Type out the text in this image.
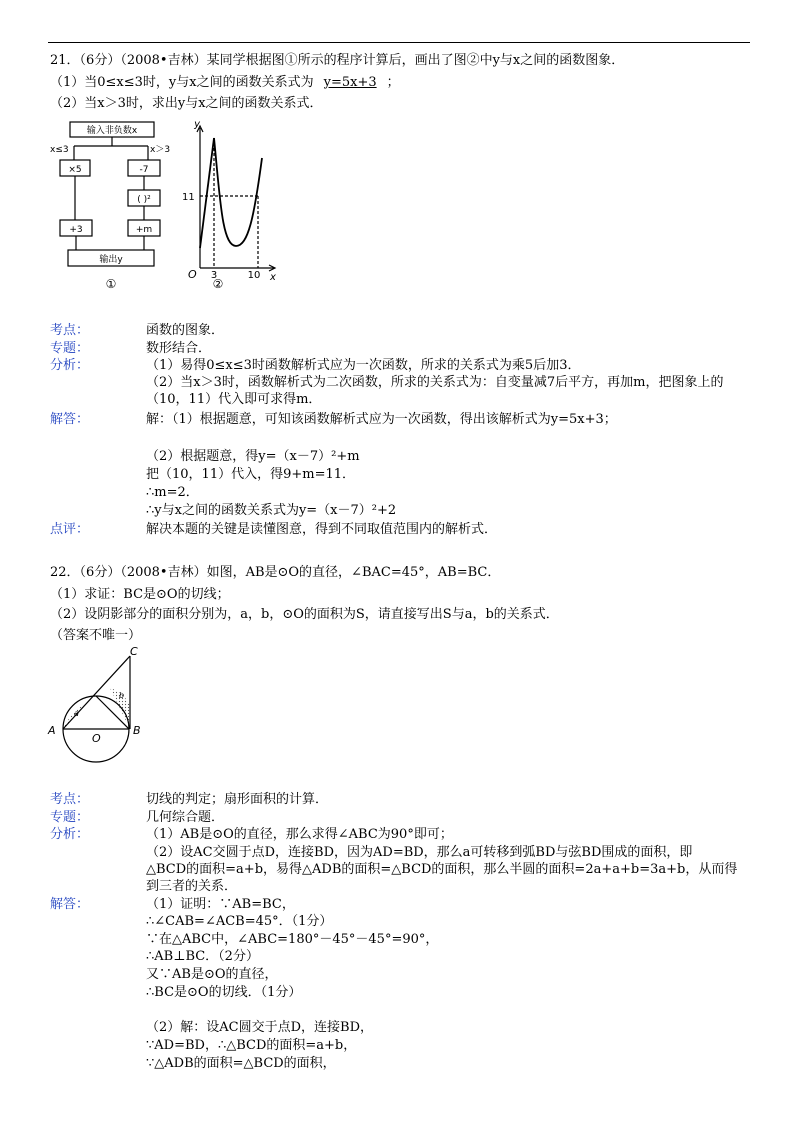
21．（6分）（2008•吉林）某同学根据图①所示的程序计算后，画出了图②中y与x之间的函数图象．
（1）当0≤x≤3时，y与x之间的函数关系式为 y=5x+3 ；
（2）当x＞3时，求出y与x之间的函数关系式．
输入非负数x
x≤3	x＞3
×5	-7
( )²
+3	+m
输出y
①
y
x
O
11
3	10
②
考点：	函数的图象．
专题：	数形结合．
分析：	（1）易得0≤x≤3时函数解析式应为一次函数，所求的关系式为乘5后加3．
（2）当x＞3时，函数解析式为二次函数，所求的关系式为：自变量减7后平方，再加m，把图象上的
（10，11）代入即可求得m．
解答：	解：（1）根据题意，可知该函数解析式应为一次函数，得出该解析式为y=5x+3；
（2）根据题意，得y=（x－7）²+m
把（10，11）代入，得9+m=11．
∴m=2．
∴y与x之间的函数关系式为y=（x－7）²+2
点评：	解决本题的关键是读懂图意，得到不同取值范围内的解析式．
22．（6分）（2008•吉林）如图，AB是⊙O的直径，∠BAC=45°，AB=BC．
（1）求证：BC是⊙O的切线；
（2）设阴影部分的面积分别为，a，b，⊙O的面积为S，请直接写出S与a，b的关系式．
（答案不唯一）
C
A	B
O
a
b
考点：	切线的判定；扇形面积的计算．
专题：	几何综合题．
分析：	（1）AB是⊙O的直径，那么求得∠ABC为90°即可；
（2）设AC交圆于点D，连接BD，因为AD=BD，那么a可转移到弧BD与弦BD围成的面积，即
△BCD的面积=a+b，易得△ADB的面积=△BCD的面积，那么半圆的面积=2a+a+b=3a+b，从而得
到三者的关系．
解答：	（1）证明：∵AB=BC，
∴∠CAB=∠ACB=45°．（1分）
∵在△ABC中，∠ABC=180°－45°－45°=90°，
∴AB⊥BC．（2分）
又∵AB是⊙O的直径，
∴BC是⊙O的切线．（1分）
（2）解：设AC圆交于点D，连接BD，
∵AD=BD，∴△BCD的面积=a+b，
∵△ADB的面积=△BCD的面积，
